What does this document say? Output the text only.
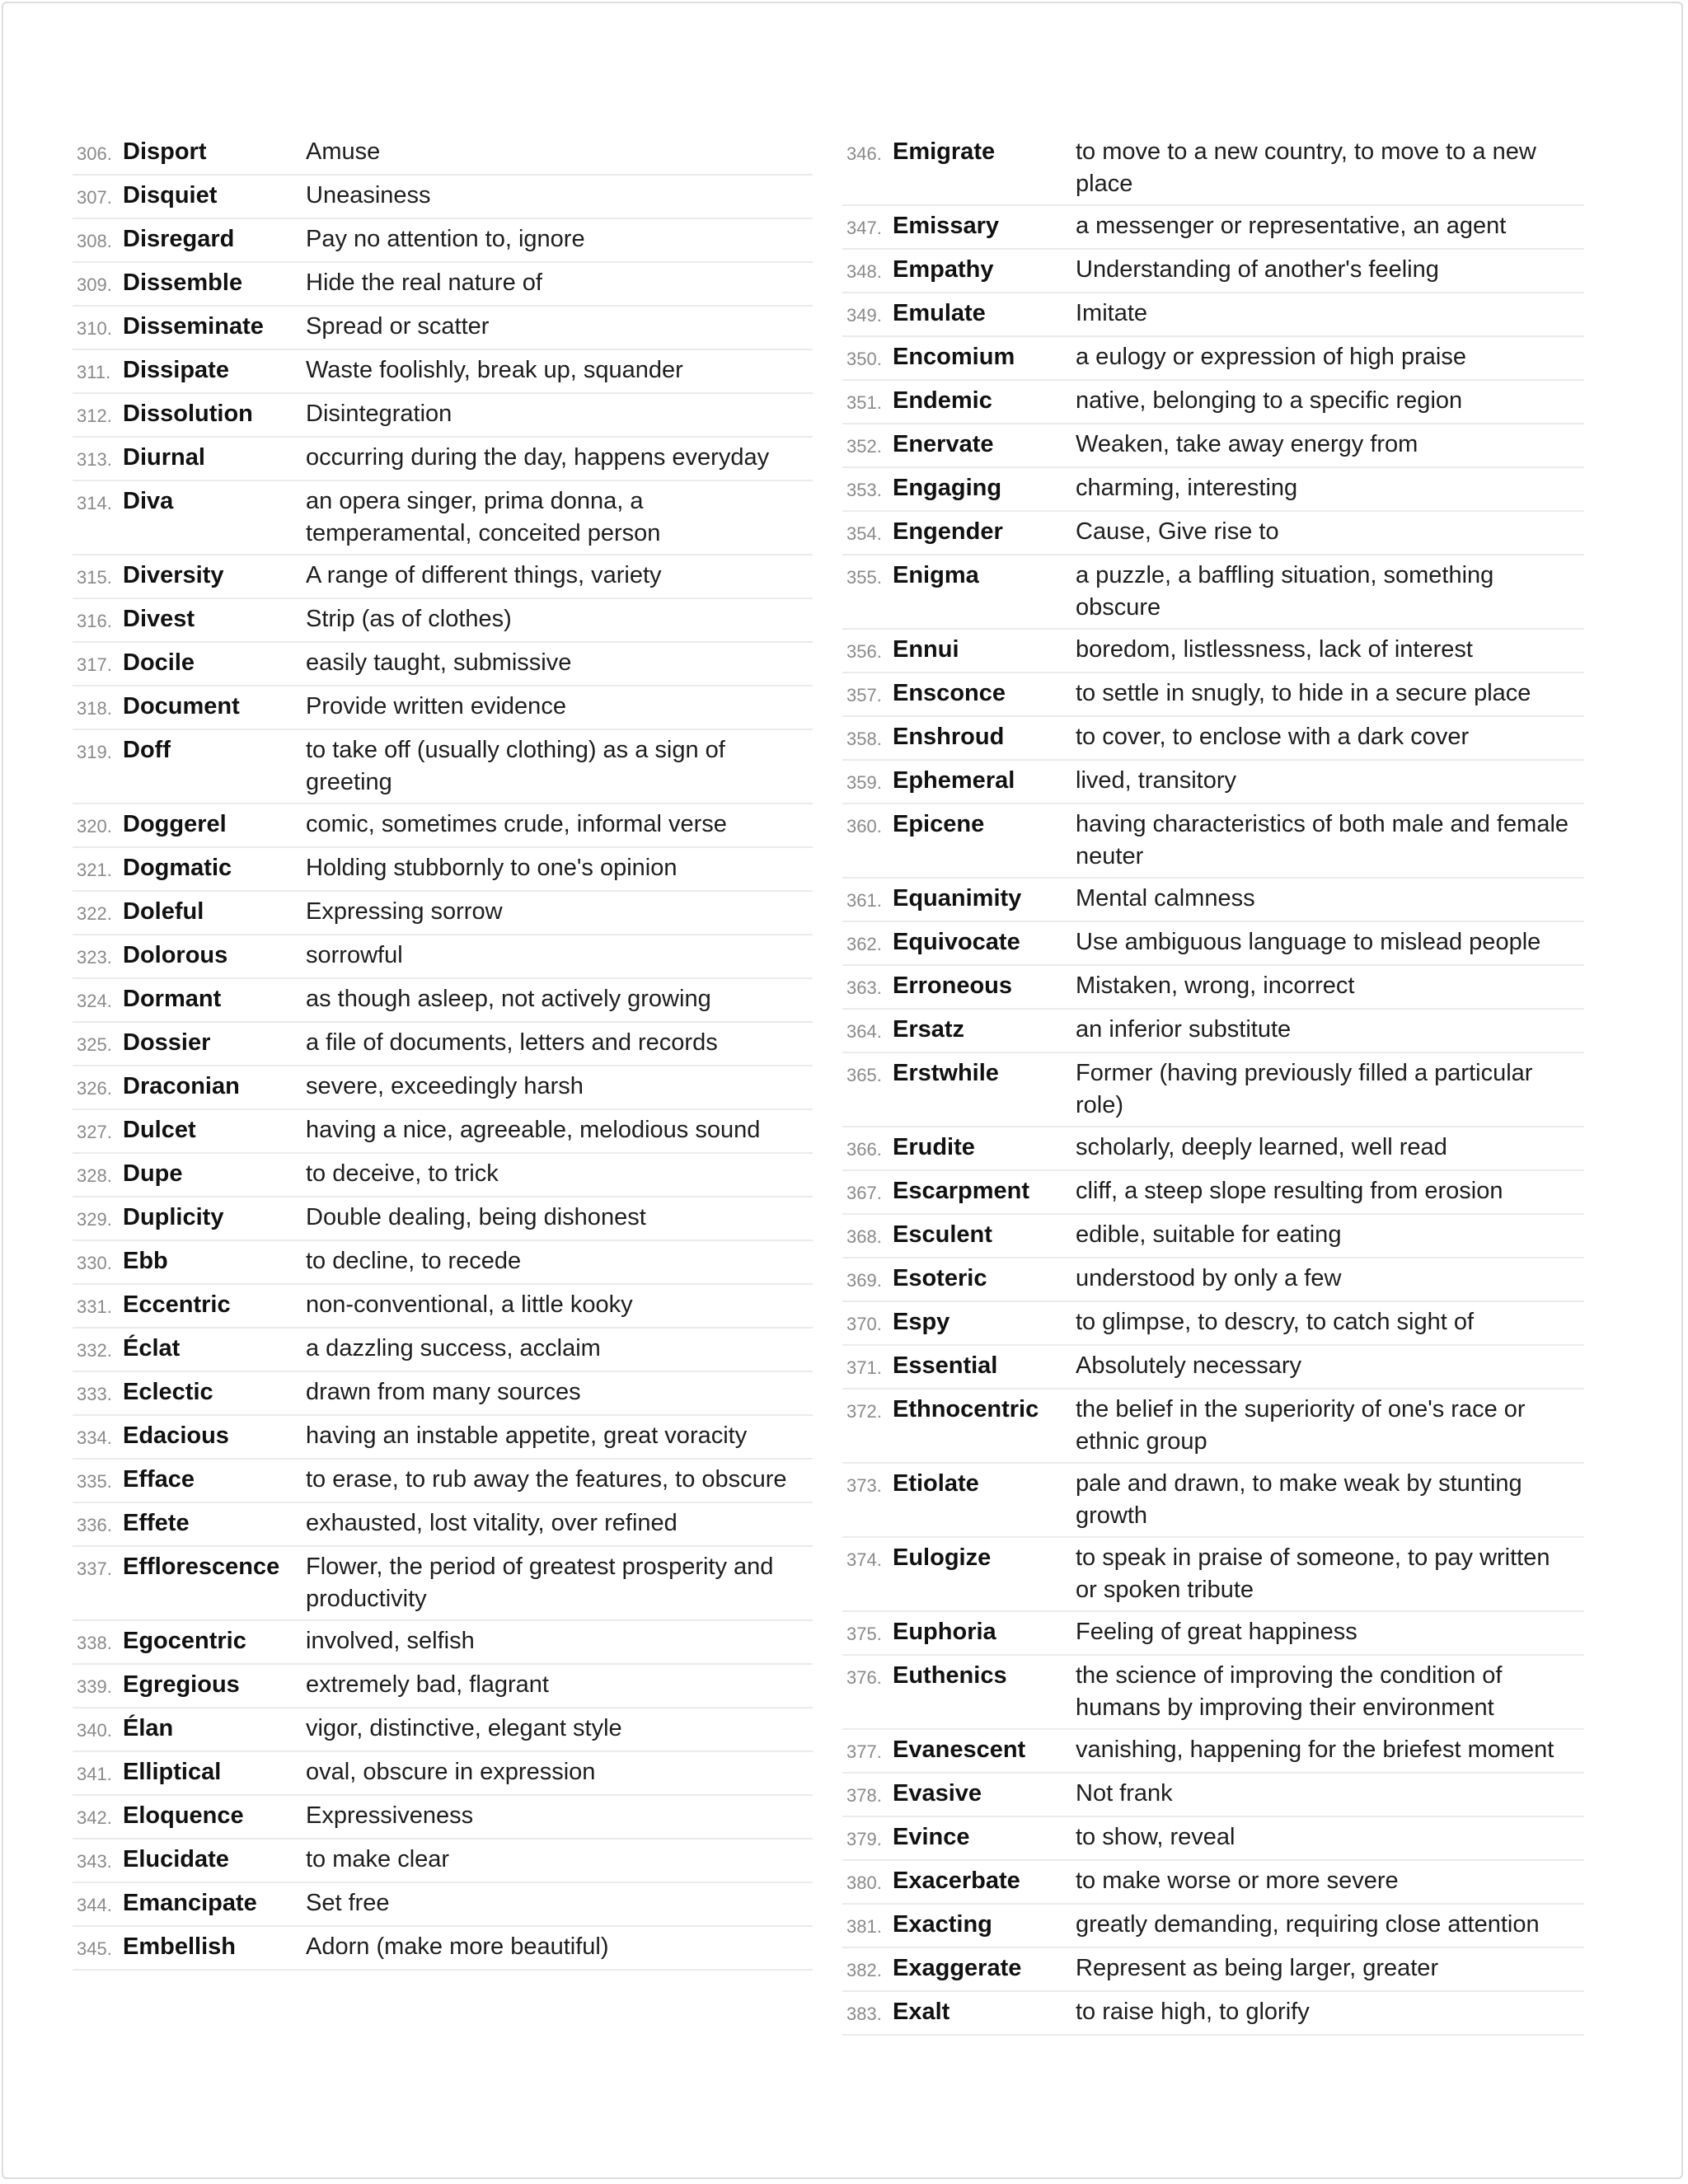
306. Disport	Amuse
307. Disquiet	Uneasiness
308. Disregard	Pay no attention to, ignore
309. Dissemble	Hide the real nature of
310. Disseminate	Spread or scatter
311. Dissipate	Waste foolishly, break up, squander
312. Dissolution	Disintegration
313. Diurnal	occurring during the day, happens everyday
314. Diva	an opera singer, prima donna, a temperamental, conceited person
315. Diversity	A range of different things, variety
316. Divest	Strip (as of clothes)
317. Docile	easily taught, submissive
318. Document	Provide written evidence
319. Doff	to take off (usually clothing) as a sign of greeting
320. Doggerel	comic, sometimes crude, informal verse
321. Dogmatic	Holding stubbornly to one's opinion
322. Doleful	Expressing sorrow
323. Dolorous	sorrowful
324. Dormant	as though asleep, not actively growing
325. Dossier	a file of documents, letters and records
326. Draconian	severe, exceedingly harsh
327. Dulcet	having a nice, agreeable, melodious sound
328. Dupe	to deceive, to trick
329. Duplicity	Double dealing, being dishonest
330. Ebb	to decline, to recede
331. Eccentric	non-conventional, a little kooky
332. Éclat	a dazzling success, acclaim
333. Eclectic	drawn from many sources
334. Edacious	having an instable appetite, great voracity
335. Efface	to erase, to rub away the features, to obscure
336. Effete	exhausted, lost vitality, over refined
337. Efflorescence	Flower, the period of greatest prosperity and productivity
338. Egocentric	involved, selfish
339. Egregious	extremely bad, flagrant
340. Élan	vigor, distinctive, elegant style
341. Elliptical	oval, obscure in expression
342. Eloquence	Expressiveness
343. Elucidate	to make clear
344. Emancipate	Set free
345. Embellish	Adorn (make more beautiful)
346. Emigrate	to move to a new country, to move to a new place
347. Emissary	a messenger or representative, an agent
348. Empathy	Understanding of another's feeling
349. Emulate	Imitate
350. Encomium	a eulogy or expression of high praise
351. Endemic	native, belonging to a specific region
352. Enervate	Weaken, take away energy from
353. Engaging	charming, interesting
354. Engender	Cause, Give rise to
355. Enigma	a puzzle, a baffling situation, something obscure
356. Ennui	boredom, listlessness, lack of interest
357. Ensconce	to settle in snugly, to hide in a secure place
358. Enshroud	to cover, to enclose with a dark cover
359. Ephemeral	lived, transitory
360. Epicene	having characteristics of both male and female neuter
361. Equanimity	Mental calmness
362. Equivocate	Use ambiguous language to mislead people
363. Erroneous	Mistaken, wrong, incorrect
364. Ersatz	an inferior substitute
365. Erstwhile	Former (having previously filled a particular role)
366. Erudite	scholarly, deeply learned, well read
367. Escarpment	cliff, a steep slope resulting from erosion
368. Esculent	edible, suitable for eating
369. Esoteric	understood by only a few
370. Espy	to glimpse, to descry, to catch sight of
371. Essential	Absolutely necessary
372. Ethnocentric	the belief in the superiority of one's race or ethnic group
373. Etiolate	pale and drawn, to make weak by stunting growth
374. Eulogize	to speak in praise of someone, to pay written or spoken tribute
375. Euphoria	Feeling of great happiness
376. Euthenics	the science of improving the condition of humans by improving their environment
377. Evanescent	vanishing, happening for the briefest moment
378. Evasive	Not frank
379. Evince	to show, reveal
380. Exacerbate	to make worse or more severe
381. Exacting	greatly demanding, requiring close attention
382. Exaggerate	Represent as being larger, greater
383. Exalt	to raise high, to glorify
